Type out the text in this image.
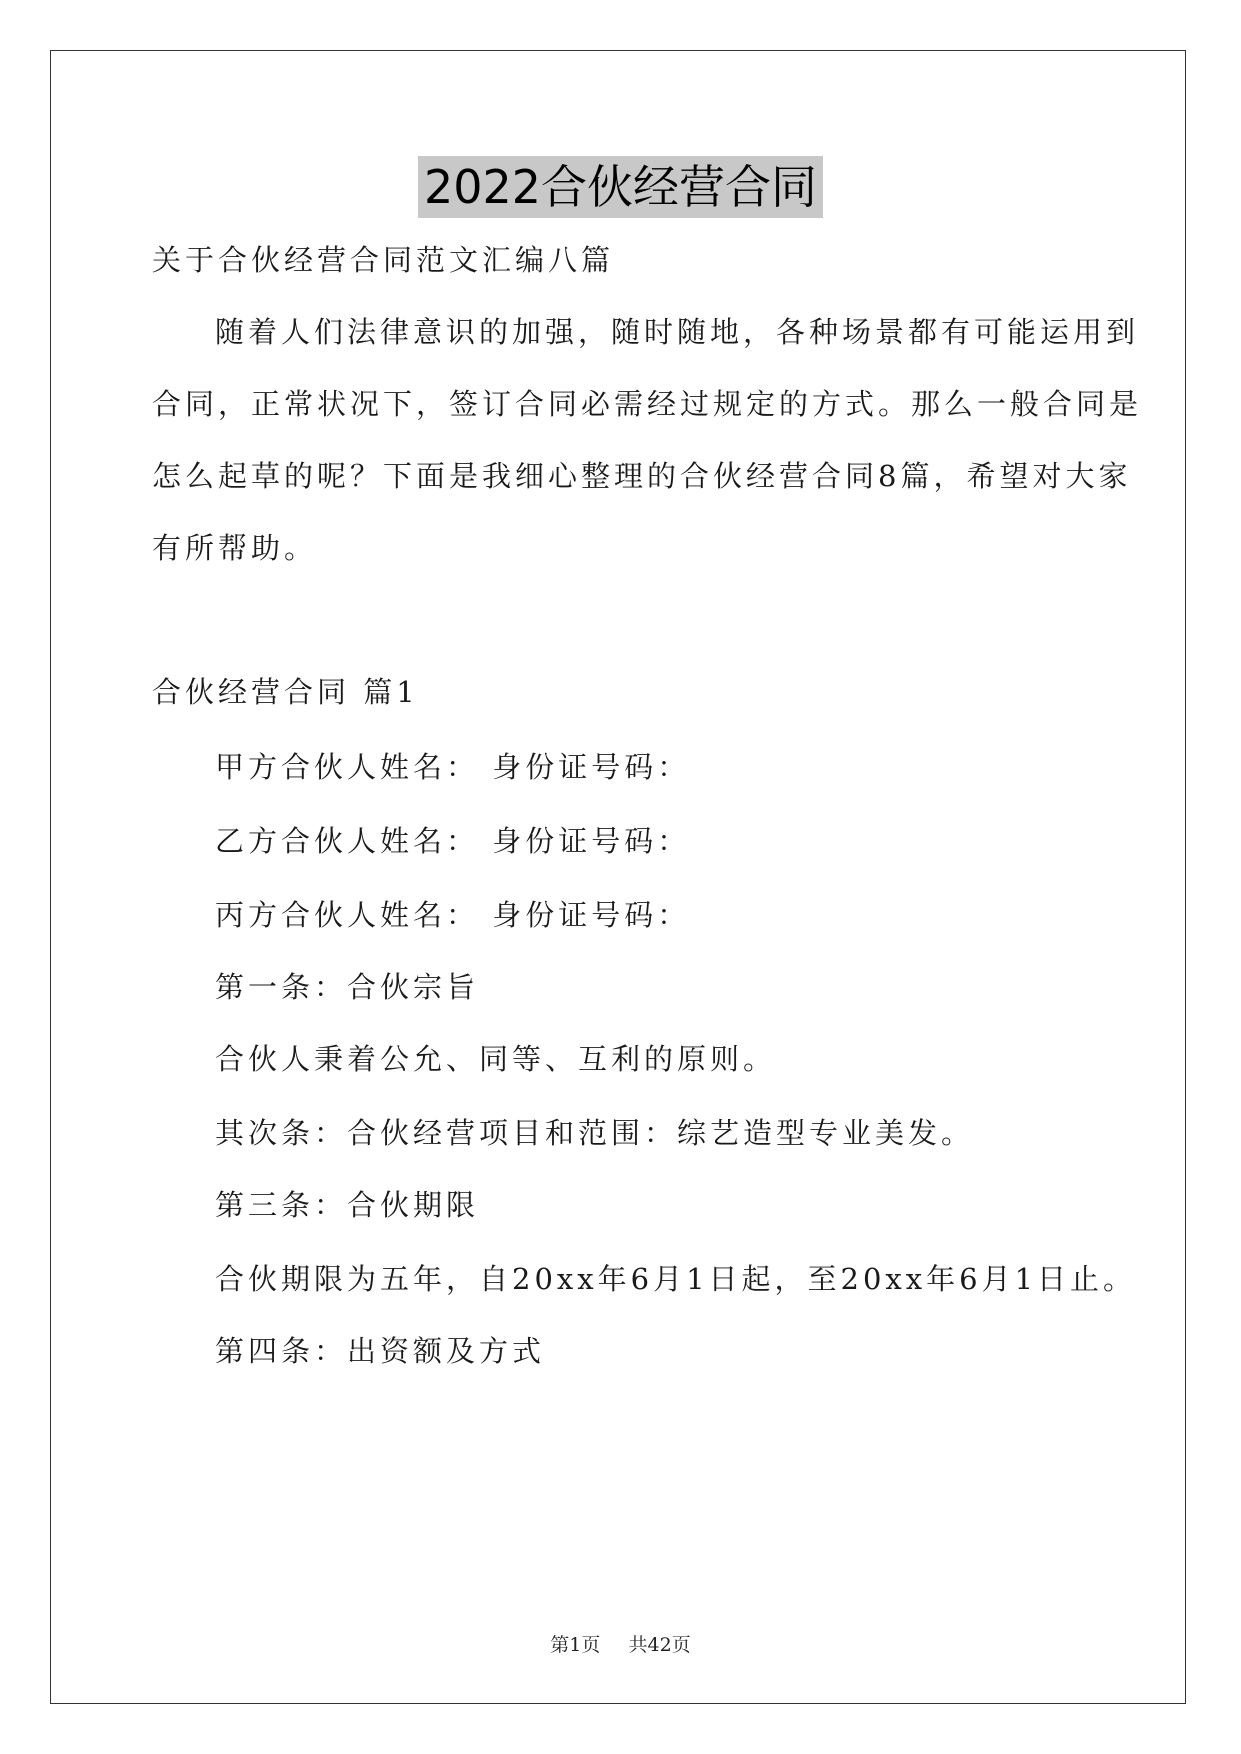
2022合伙经营合同
关于合伙经营合同范文汇编八篇
随着人们法律意识的加强，随时随地，各种场景都有可能运用到
合同，正常状况下，签订合同必需经过规定的方式。那么一般合同是
怎么起草的呢？下面是我细心整理的合伙经营合同8篇，希望对大家
有所帮助。
合伙经营合同 篇1
甲方合伙人姓名： 身份证号码：
乙方合伙人姓名： 身份证号码：
丙方合伙人姓名： 身份证号码：
第一条：合伙宗旨
合伙人秉着公允、同等、互利的原则。
其次条：合伙经营项目和范围：综艺造型专业美发。
第三条：合伙期限
合伙期限为五年，自20xx年6月1日起，至20xx年6月1日止。
第四条：出资额及方式
第1页 共42页
